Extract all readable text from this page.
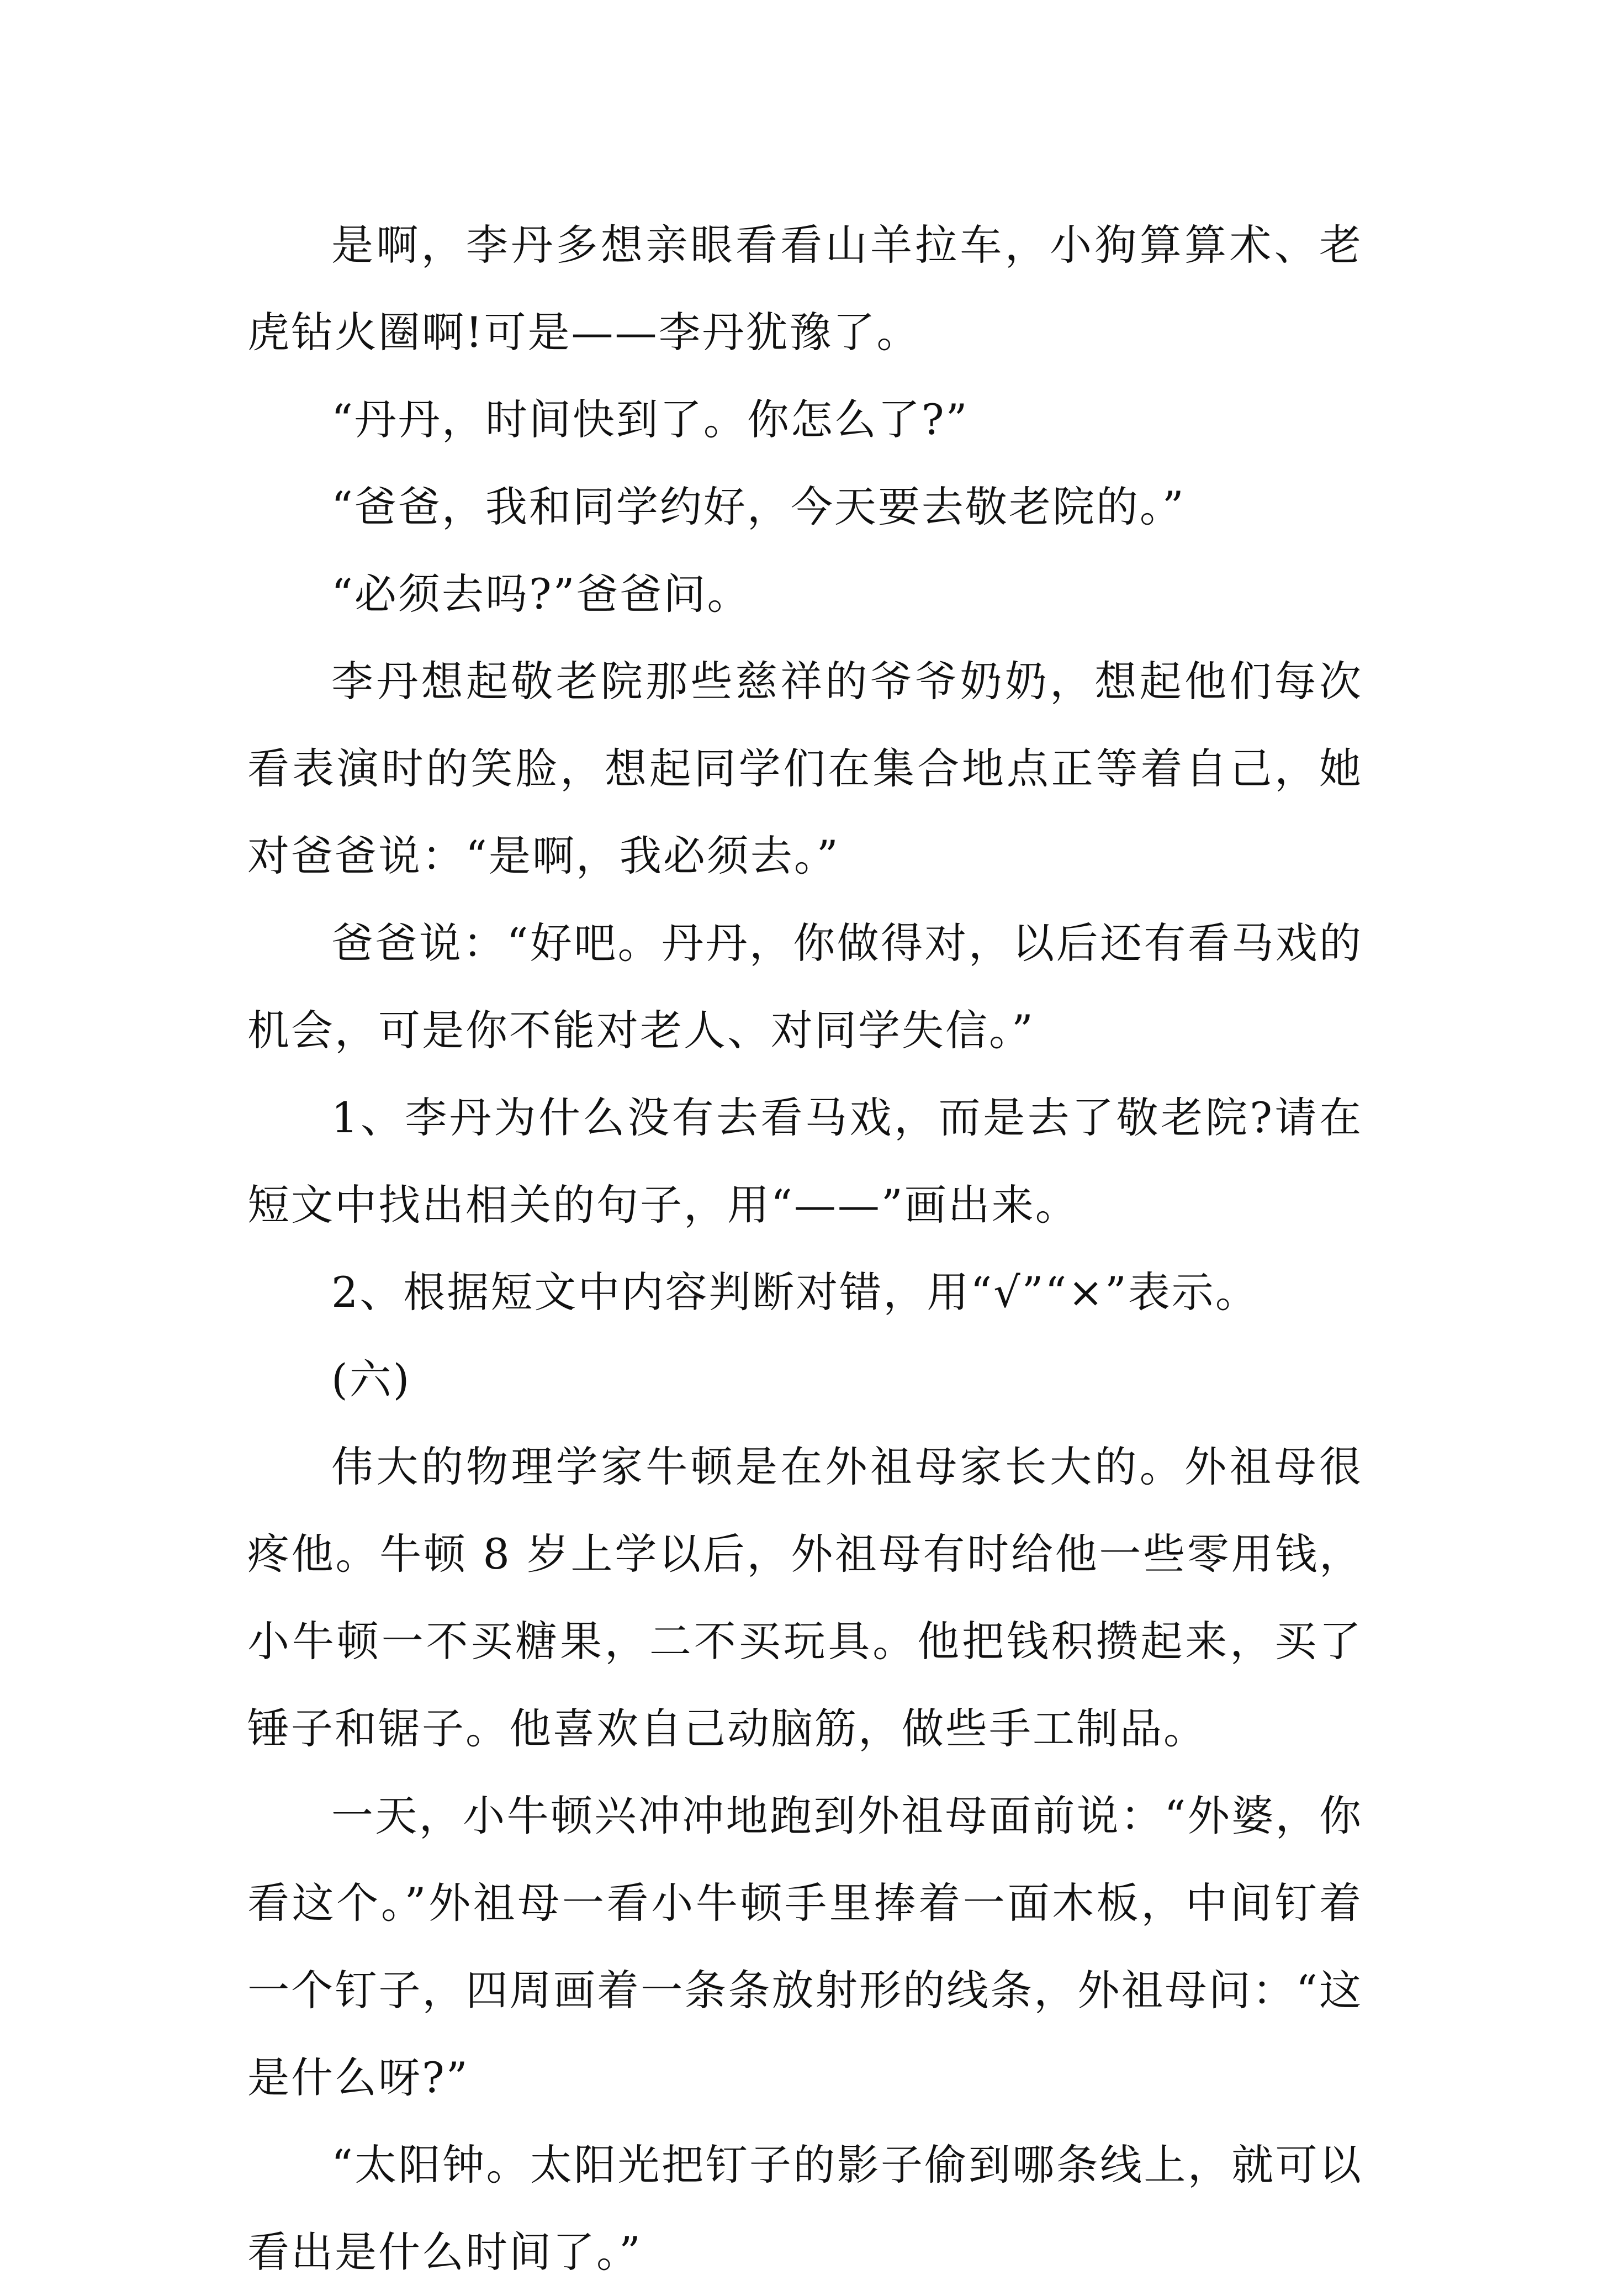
是啊，李丹多想亲眼看看山羊拉车，小狗算算术、老虎钻火圈啊!可是——李丹犹豫了。

“丹丹，时间快到了。你怎么了?”

“爸爸，我和同学约好，今天要去敬老院的。”

“必须去吗?”爸爸问。

李丹想起敬老院那些慈祥的爷爷奶奶，想起他们每次看表演时的笑脸，想起同学们在集合地点正等着自己，她 对爸爸说：“是啊，我必须去。”

爸爸说：“好吧。丹丹，你做得对，以后还有看马戏的机会，可是你不能对老人、对同学失信。”

1、李丹为什么没有去看马戏，而是去了敬老院?请在短文中找出相关的句子，用“——”画出来。

2、根据短文中内容判断对错，用“√”“×”表示。

(六)

伟大的物理学家牛顿是在外祖母家长大的。外祖母很疼他。牛顿 8 岁上学以后，外祖母有时给他一些零用钱，小牛顿一不买糖果，二不买玩具。他把钱积攒起来，买了锤子和锯子。他喜欢自己动脑筋，做些手工制品。

一天，小牛顿兴冲冲地跑到外祖母面前说：“外婆，你看这个。”外祖母一看小牛顿手里捧着一面木板，中间钉着一个钉子，四周画着一条条放射形的线条，外祖母问：“这是什么呀?”

“太阳钟。太阳光把钉子的影子偷到哪条线上，就可以看出是什么时间了。”
